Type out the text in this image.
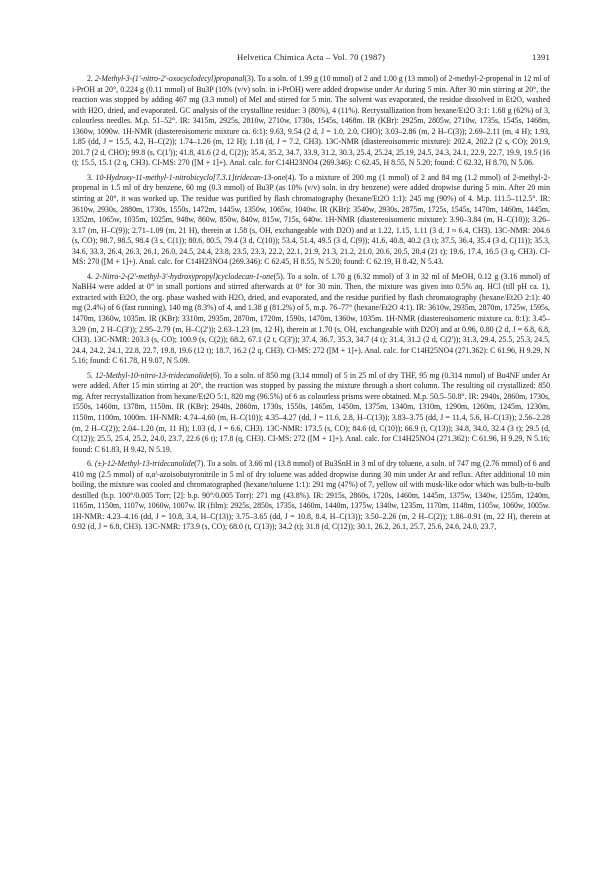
Helvetica Chimica Acta – Vol. 70 (1987)	1391

2. 2-Methyl-3-(1'-nitro-2'-oxocyclodecyl)propanal(3). To a soln. of 1.99 g (10 mmol) of 2 and 1.00 g (13 mmol) of 2-methyl-2-propenal in 12 ml of i-PrOH at 20°, 0.224 g (0.11 mmol) of Bu3P (10% (v/v) soln. in i-PrOH) were added dropwise under Ar during 5 min. After 30 min stirring at 20°, the reaction was stopped by adding 467 mg (3.3 mmol) of MeI and stirred for 5 min. The solvent was evaporated, the residue dissolved in Et2O, washed with H2O, dried, and evaporated. GC analysis of the crystalline residue: 3 (80%), 4 (11%). Recrystallization from hexane/Et2O 3:1: 1.68 g (62%) of 3, colourless needles. M.p. 51–52°. IR: 3415m, 2925s, 2810w, 2710w, 1730s, 1545s, 1468m. IR (KBr): 2925m, 2805w, 2710w, 1735s, 1545s, 1468m, 1360w, 1090w. 1H-NMR (diastereoisomeric mixture ca. 6:1): 9.63, 9.54 (2 d, J = 1.0, 2.0, CHO); 3.03–2.86 (m, 2 H–C(3)); 2.69–2.11 (m, 4 H); 1.93, 1.85 (dd, J = 15.5, 4.2, H–C(2)); 1.74–1.26 (m, 12 H); 1.18 (d, J = 7.2, CH3). 13C-NMR (diastereoisomeric mixture): 202.4, 202.2 (2 s, CO); 201.9, 201.7 (2 d, CHO); 99.8 (s, C(1')); 41.8, 41.6 (2 d, C(2)); 35.4, 35.2, 34.7, 33.9, 31.2, 30.3, 25.4, 25.24, 25.19, 24.5, 24.3, 24.1, 22.9, 22.7, 19.9, 19.5 (16 t); 15.5, 15.1 (2 q, CH3). CI-MS: 270 ([M + 1]+). Anal. calc. for C14H23NO4 (269.346): C 62.45, H 8.55, N 5.20; found: C 62.32, H 8.70, N 5.06.

3. 10-Hydroxy-11-methyl-1-nitrobicyclo[7.3.1]tridecan-13-one(4). To a mixture of 200 mg (1 mmol) of 2 and 84 mg (1.2 mmol) of 2-methyl-2-propenal in 1.5 ml of dry benzene, 60 mg (0.3 mmol) of Bu3P (as 10% (v/v) soln. in dry benzene) were added dropwise during 5 min. After 20 min stirring at 20°, it was worked up. The residue was purified by flash chromatography (hexane/Et2O 1:1): 245 mg (90%) of 4. M.p. 111.5–112.5°. IR: 3610w, 2930s, 2880m, 1730s, 1550s, 1472m, 1445w, 1350w, 1065w, 1040w. IR (KBr): 3540w, 2930s, 2875m, 1725s, 1545s, 1470m, 1460m, 1445m, 1352m, 1065w, 1035m, 1025m, 948w, 860w, 850w, 840w, 815w, 715s, 640w. 1H-NMR (diastereoisomeric mixture): 3.90–3.84 (m, H–C(10)); 3.26–3.17 (m, H–C(9)); 2.71–1.09 (m, 21 H), therein at 1.58 (s, OH, exchangeable with D2O) and at 1.22, 1.15, 1.11 (3 d, J ≈ 6.4, CH3). 13C-NMR: 204.6 (s, CO); 98.7, 98.5, 98.4 (3 s, C(1)); 80.6, 80.5, 79.4 (3 d, C(10)); 53.4, 51.4, 49.5 (3 d, C(9)); 41.6, 40.8, 40.2 (3 t); 37.5, 36.4, 35.4 (3 d, C(11)); 35.3, 34.6, 33.3, 26.4, 26.3, 26.1, 26.0, 24.5, 24.4, 23.8, 23.5, 23.3, 22.2, 22.1, 21.9, 21.3, 21.2, 21.0, 20.6, 20.5, 20.4 (21 t); 19.6, 17.4, 16.5 (3 q, CH3). CI-MS: 270 ([M + 1]+). Anal. calc. for C14H23NO4 (269.346): C 62.45, H 8.55, N 5.20; found: C 62.19, H 8.42, N 5.43.

4. 2-Nitro-2-(2'-methyl-3'-hydroxypropyl)cyclodecan-1-one(5). To a soln. of 1.70 g (6.32 mmol) of 3 in 32 ml of MeOH, 0.12 g (3.16 mmol) of NaBH4 were added at 0° in small portions and stirred afterwards at 0° for 30 min. Then, the mixture was given into 0.5% aq. HCl (till pH ca. 1), extracted with Et2O, the org. phase washed with H2O, dried, and evaporated, and the residue purified by flash chromatography (hexane/Et2O 2:1): 40 mg (2.4%) of 6 (fast running), 140 mg (8.3%) of 4, and 1.38 g (81.2%) of 5, m.p. 76–77° (hexane/Et2O 4:1). IR: 3610w, 2935m, 2870m, 1725w, 1595s, 1470m, 1360w, 1035m. IR (KBr): 3310m, 2935m, 2870m, 1720m, 1590s, 1470m, 1360w, 1035m. 1H-NMR (diastereoisomeric mixture ca. 8:1): 3.45–3.29 (m, 2 H–C(3')); 2.95–2.79 (m, H–C(2')); 2.63–1.23 (m, 12 H), therein at 1.70 (s, OH, exchangeable with D2O) and at 0.96, 0.80 (2 d, J = 6.8, 6.8, CH3). 13C-NMR: 203.3 (s, CO); 100.9 (s, C(2)); 68.2, 67.1 (2 t, C(3')); 37.4, 36.7, 35.3, 34.7 (4 t); 31.4, 31.2 (2 d, C(2')); 31.3, 29.4, 25.5, 25.3, 24.5, 24.4, 24.2, 24.1, 22.8, 22.7, 19.8, 19.6 (12 t); 18.7, 16.2 (2 q, CH3). CI-MS: 272 ([M + 1]+). Anal. calc. for C14H25NO4 (271.362): C 61.96, H 9.29, N 5.16; found: C 61.78, H 9.07, N 5.09.

5. 12-Methyl-10-nitro-13-tridecanolide(6). To a soln. of 850 mg (3.14 mmol) of 5 in 25 ml of dry THF, 95 mg (0.314 mmol) of Bu4NF under Ar were added. After 15 min stirring at 20°, the reaction was stopped by passing the mixture through a short column. The resulting oil crystallized: 850 mg. After recrystallization from hexane/Et2O 5:1, 820 mg (96.5%) of 6 as colourless prisms were obtained. M.p. 50.5–50.8°. IR: 2940s, 2860m, 1730s, 1550s, 1460m, 1378m, 1150m. IR (KBr): 2940s, 2860m, 1730s, 1550s, 1465m, 1450m, 1375m, 1340m, 1310m, 1290m, 1260m, 1245m, 1230m, 1150m, 1100m, 1000m. 1H-NMR: 4.74–4.60 (m, H–C(10)); 4.35–4.27 (dd, J = 11.6, 2.8, H–C(13)); 3.83–3.75 (dd, J = 11.4, 5.6, H–C(13)); 2.56–2.28 (m, 2 H–C(2)); 2.04–1.20 (m, 11 H); 1.03 (d, J = 6.6, CH3). 13C-NMR: 173.5 (s, CO); 84.6 (d, C(10)); 66.9 (t, C(13)); 34.8, 34.0, 32.4 (3 t); 29.5 (d, C(12)); 25.5, 25.4, 25.2, 24.0, 23.7, 22.6 (6 t); 17.8 (q, CH3). CI-MS: 272 ([M + 1]+). Anal. calc. for C14H25NO4 (271.362): C 61.96, H 9.29, N 5.16; found: C 61.83, H 9.42, N 5.19.

6. (±)-12-Methyl-13-tridecanolide(7). To a soln. of 3.66 ml (13.8 mmol) of Bu3SnH in 3 ml of dry toluene, a soln. of 747 mg (2.76 mmol) of 6 and 410 mg (2.5 mmol) of α,α'-azoisobutyronitrile in 5 ml of dry toluene was added dropwise during 30 min under Ar and reflux. After additional 10 min boiling, the mixture was cooled and chromatographed (hexane/toluene 1:1): 291 mg (47%) of 7, yellow oil with musk-like odor which was bulb-to-bulb destilled (b.p. 100°/0.005 Torr; [2]: b.p. 90°/0.005 Torr): 271 mg (43.8%). IR: 2915s, 2860s, 1720s, 1460m, 1445m, 1375w, 1340w, 1255m, 1240m, 1165m, 1150m, 1107w, 1060w, 1007w. IR (film): 2925s, 2850s, 1735s, 1460m, 1440m, 1375w, 1340w, 1235m, 1170m, 1148m, 1105w, 1060w, 1005w. 1H-NMR: 4.23–4.16 (dd, J = 10.8, 3.4, H–C(13)); 3.75–3.65 (dd, J = 10.8, 8.4, H–C(13)); 3.50–2.26 (m, 2 H–C(2)); 1.86–0.91 (m, 22 H), therein at 0.92 (d, J = 6.8, CH3). 13C-NMR: 173.9 (s, CO); 68.0 (t, C(13)); 34.2 (t); 31.8 (d, C(12)); 30.1, 26.2, 26.1, 25.7, 25.6, 24.6, 24.0, 23.7,
